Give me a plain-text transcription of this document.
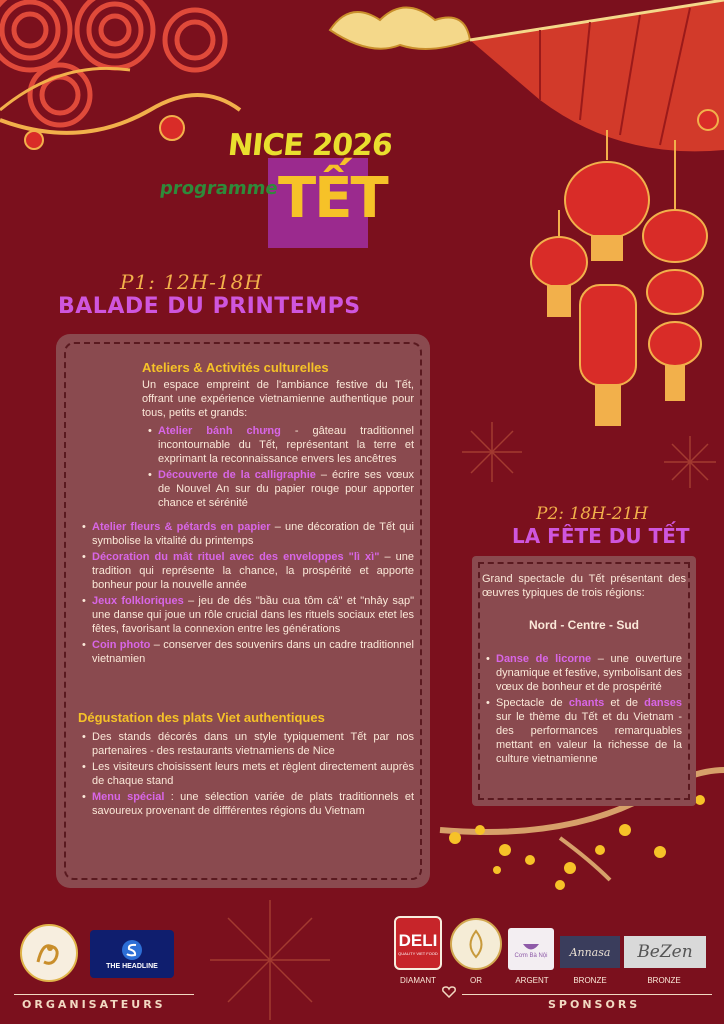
NICE 2026
programme
TẾT
P1: 12H-18H
BALADE DU PRINTEMPS
Ateliers & Activités culturelles
Un espace empreint de l'ambiance festive du Tết, offrant une expérience vietnamienne authentique pour tous, petits et grands:
• Atelier bánh chưng - gâteau traditionnel incontournable du Tết, représentant la terre et exprimant la reconnaissance envers les ancêtres
• Découverte de la calligraphie – écrire ses vœux de Nouvel An sur du papier rouge pour apporter chance et sérénité
• Atelier fleurs & pétards en papier – une décoration de Tết qui symbolise la vitalité du printemps
• Décoration du mât rituel avec des enveloppes "lì xì" – une tradition qui représente la chance, la prospérité et apporte bonheur pour la nouvelle année
• Jeux folkloriques – jeu de dés "bầu cua tôm cá" et "nhảy sạp" une danse qui joue un rôle crucial dans les rituels sociaux etet les fêtes, favorisant la connexion entre les générations
• Coin photo – conserver des souvenirs dans un cadre traditionnel vietnamien
Dégustation des plats Viet authentiques
• Des stands décorés dans un style typiquement Tết par nos partenaires - des restaurants vietnamiens de Nice
• Les visiteurs choisissent leurs mets et règlent directement auprès de chaque stand
• Menu spécial : une sélection variée de plats traditionnels et savoureux provenant de diffférentes régions du Vietnam
P2: 18H-21H
LA FÊTE DU TẾT
Grand spectacle du Tết présentant des œuvres typiques de trois régions:
Nord - Centre - Sud
• Danse de licorne – une ouverture dynamique et festive, symbolisant des vœux de bonheur et de prospérité
• Spectacle de chants et de danses sur le thème du Tết et du Vietnam - des performances remarquables mettant en valeur la richesse de la culture vietnamienne
THE HEADLINE
ORGANISATEURS
DELI
QUALITY VIET FOOD	Cơm Bà Nội Annasa BeZen
DIAMANT	OR	ARGENT	BRONZE	BRONZE
SPONSORS
